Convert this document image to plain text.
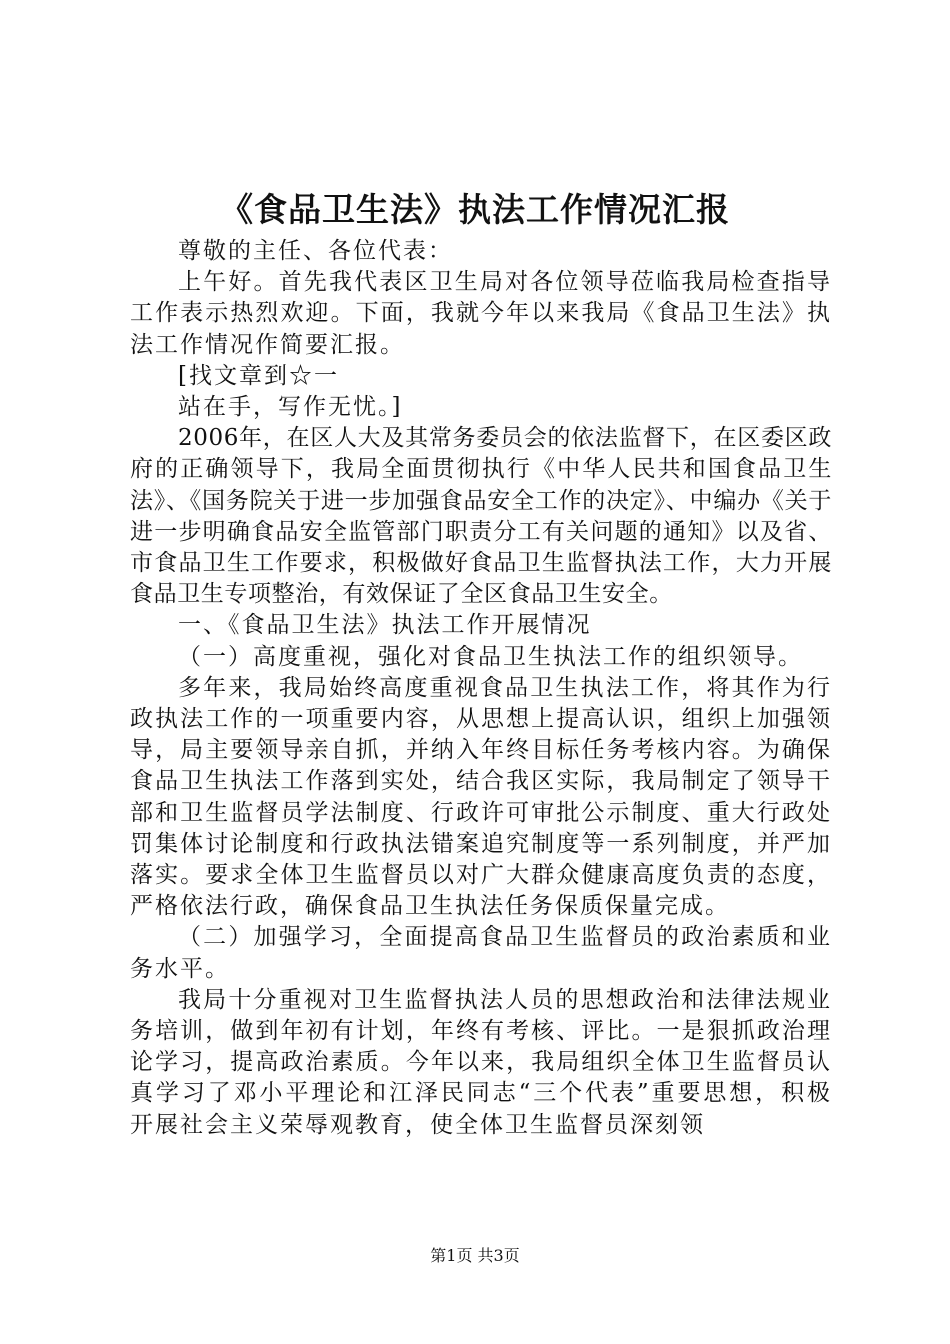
《食品卫生法》执法工作情况汇报

尊敬的主任、各位代表：

上午好。首先我代表区卫生局对各位领导莅临我局检查指导工作表示热烈欢迎。下面，我就今年以来我局《食品卫生法》执法工作情况作简要汇报。

[找文章到☆一

站在手，写作无忧。]

2006年，在区人大及其常务委员会的依法监督下，在区委区政府的正确领导下，我局全面贯彻执行《中华人民共和国食品卫生法》、《国务院关于进一步加强食品安全工作的决定》、中编办《关于进一步明确食品安全监管部门职责分工有关问题的通知》以及省、市食品卫生工作要求，积极做好食品卫生监督执法工作，大力开展食品卫生专项整治，有效保证了全区食品卫生安全。

一、《食品卫生法》执法工作开展情况

（一）高度重视，强化对食品卫生执法工作的组织领导。

多年来，我局始终高度重视食品卫生执法工作，将其作为行政执法工作的一项重要内容，从思想上提高认识，组织上加强领导，局主要领导亲自抓，并纳入年终目标任务考核内容。为确保食品卫生执法工作落到实处，结合我区实际，我局制定了领导干部和卫生监督员学法制度、行政许可审批公示制度、重大行政处罚集体讨论制度和行政执法错案追究制度等一系列制度，并严加落实。要求全体卫生监督员以对广大群众健康高度负责的态度，严格依法行政，确保食品卫生执法任务保质保量完成。

（二）加强学习，全面提高食品卫生监督员的政治素质和业务水平。

我局十分重视对卫生监督执法人员的思想政治和法律法规业务培训，做到年初有计划，年终有考核、评比。一是狠抓政治理论学习，提高政治素质。今年以来，我局组织全体卫生监督员认真学习了邓小平理论和江泽民同志“三个代表”重要思想，积极开展社会主义荣辱观教育，使全体卫生监督员深刻领

第1页 共3页
